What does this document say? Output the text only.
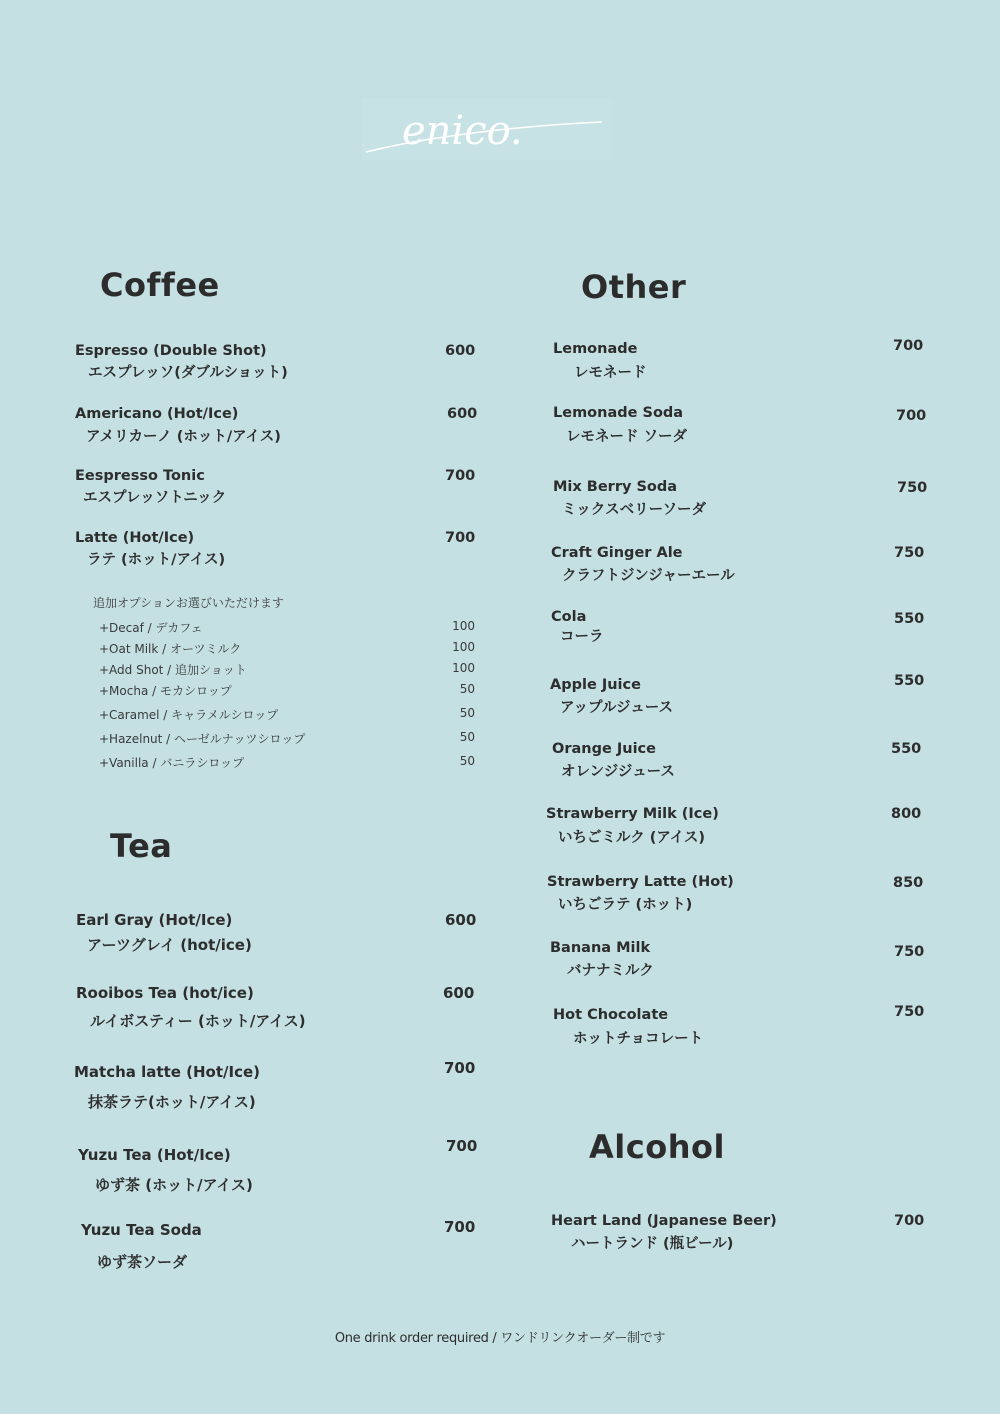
enico.
Coffee
Espresso (Double Shot)
エスプレッソ(ダブルショット)
600
Americano (Hot/Ice)
アメリカーノ (ホット/アイス)
600
Eespresso Tonic
エスプレッソトニック
700
Latte (Hot/Ice)
ラテ (ホット/アイス)
700
追加オプションお選びいただけます
+Decaf / デカフェ	100
+Oat Milk / オーツミルク	100
+Add Shot / 追加ショット	100
+Mocha / モカシロップ	50
+Caramel / キャラメルシロップ	50
+Hazelnut / ヘーゼルナッツシロップ	50
+Vanilla / バニラシロップ	50
Tea
Earl Gray (Hot/Ice)
アーツグレイ (hot/ice)
600
Rooibos Tea (hot/ice)
ルイボスティー (ホット/アイス)
600
Matcha latte (Hot/Ice)
抹茶ラテ(ホット/アイス)
700
Yuzu Tea (Hot/Ice)
ゆず茶 (ホット/アイス)
700
Yuzu Tea Soda
ゆず茶ソーダ
700
Other
Lemonade
レモネード
700
Lemonade Soda
レモネード ソーダ
700
Mix Berry Soda
ミックスベリーソーダ
750
Craft Ginger Ale
クラフトジンジャーエール
750
Cola
コーラ
550
Apple Juice
アップルジュース
550
Orange Juice
オレンジジュース
550
Strawberry Milk (Ice)
いちごミルク (アイス)
800
Strawberry Latte (Hot)
いちごラテ (ホット)
850
Banana Milk
バナナミルク
750
Hot Chocolate
ホットチョコレート
750
Alcohol
Heart Land (Japanese Beer)
ハートランド (瓶ビール)
700
One drink order required / ワンドリンクオーダー制です
